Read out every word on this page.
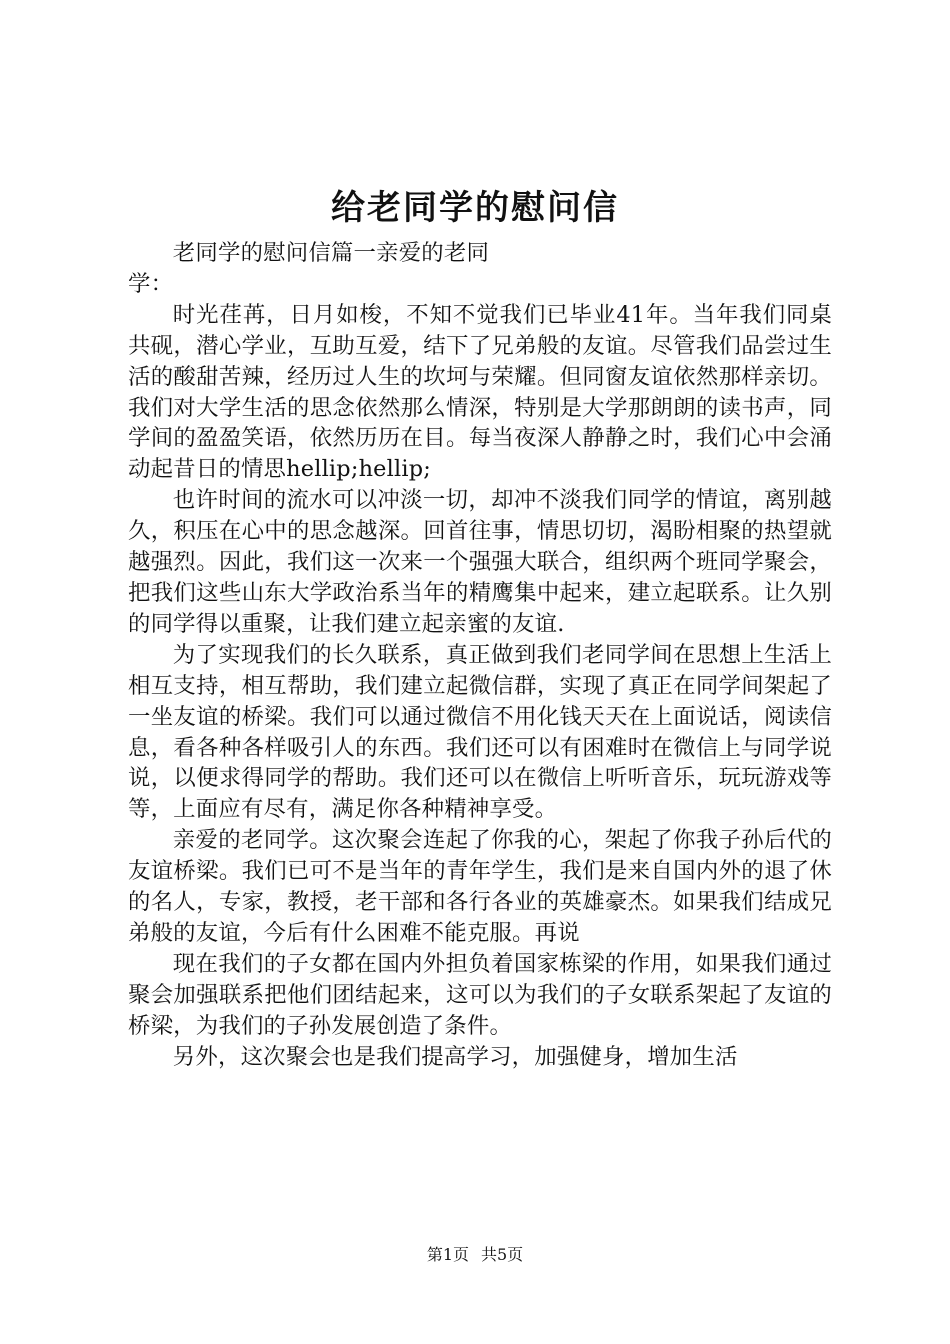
给老同学的慰问信

老同学的慰问信篇一亲爱的老同学：

时光荏苒，日月如梭，不知不觉我们已毕业41年。当年我们同桌共砚，潜心学业，互助互爱，结下了兄弟般的友谊。尽管我们品尝过生活的酸甜苦辣，经历过人生的坎坷与荣耀。但同窗友谊依然那样亲切。我们对大学生活的思念依然那么情深，特别是大学那朗朗的读书声，同学间的盈盈笑语，依然历历在目。每当夜深人静静之时，我们心中会涌动起昔日的情思hellip;hellip;

也许时间的流水可以冲淡一切，却冲不淡我们同学的情谊，离别越久，积压在心中的思念越深。回首往事，情思切切，渴盼相聚的热望就越强烈。因此，我们这一次来一个强强大联合，组织两个班同学聚会，把我们这些山东大学政治系当年的精鹰集中起来，建立起联系。让久别的同学得以重聚，让我们建立起亲蜜的友谊.

为了实现我们的长久联系，真正做到我们老同学间在思想上生活上相互支持，相互帮助，我们建立起微信群，实现了真正在同学间架起了一坐友谊的桥梁。我们可以通过微信不用化钱天天在上面说话，阅读信息，看各种各样吸引人的东西。我们还可以有困难时在微信上与同学说说，以便求得同学的帮助。我们还可以在微信上听听音乐，玩玩游戏等等，上面应有尽有，满足你各种精神享受。

亲爱的老同学。这次聚会连起了你我的心，架起了你我子孙后代的友谊桥梁。我们已可不是当年的青年学生，我们是来自国内外的退了休的名人，专家，教授，老干部和各行各业的英雄豪杰。如果我们结成兄弟般的友谊，今后有什么困难不能克服。再说

现在我们的子女都在国内外担负着国家栋梁的作用，如果我们通过聚会加强联系把他们团结起来，这可以为我们的子女联系架起了友谊的桥梁，为我们的子孙发展创造了条件。

另外，这次聚会也是我们提高学习，加强健身，增加生活

第1页 共5页
